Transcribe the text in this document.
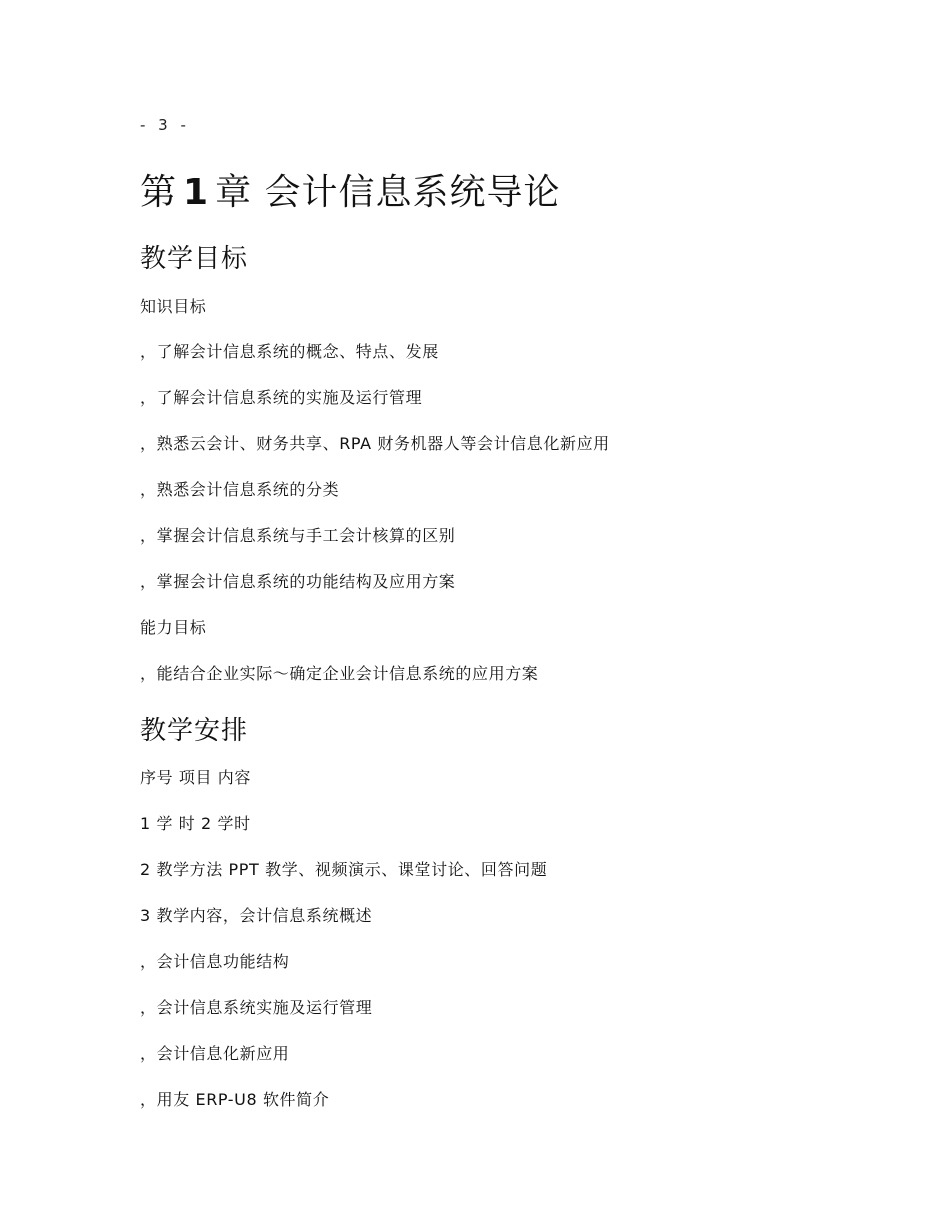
- 3 -
第 1 章 会计信息系统导论
教学目标
知识目标
，了解会计信息系统的概念、特点、发展
，了解会计信息系统的实施及运行管理
，熟悉云会计、财务共享、RPA 财务机器人等会计信息化新应用
，熟悉会计信息系统的分类
，掌握会计信息系统与手工会计核算的区别
，掌握会计信息系统的功能结构及应用方案
能力目标
，能结合企业实际～确定企业会计信息系统的应用方案
教学安排
序号 项目 内容
1 学 时 2 学时
2 教学方法 PPT 教学、视频演示、课堂讨论、回答问题
3 教学内容，会计信息系统概述
，会计信息功能结构
，会计信息系统实施及运行管理
，会计信息化新应用
，用友 ERP-U8 软件简介
